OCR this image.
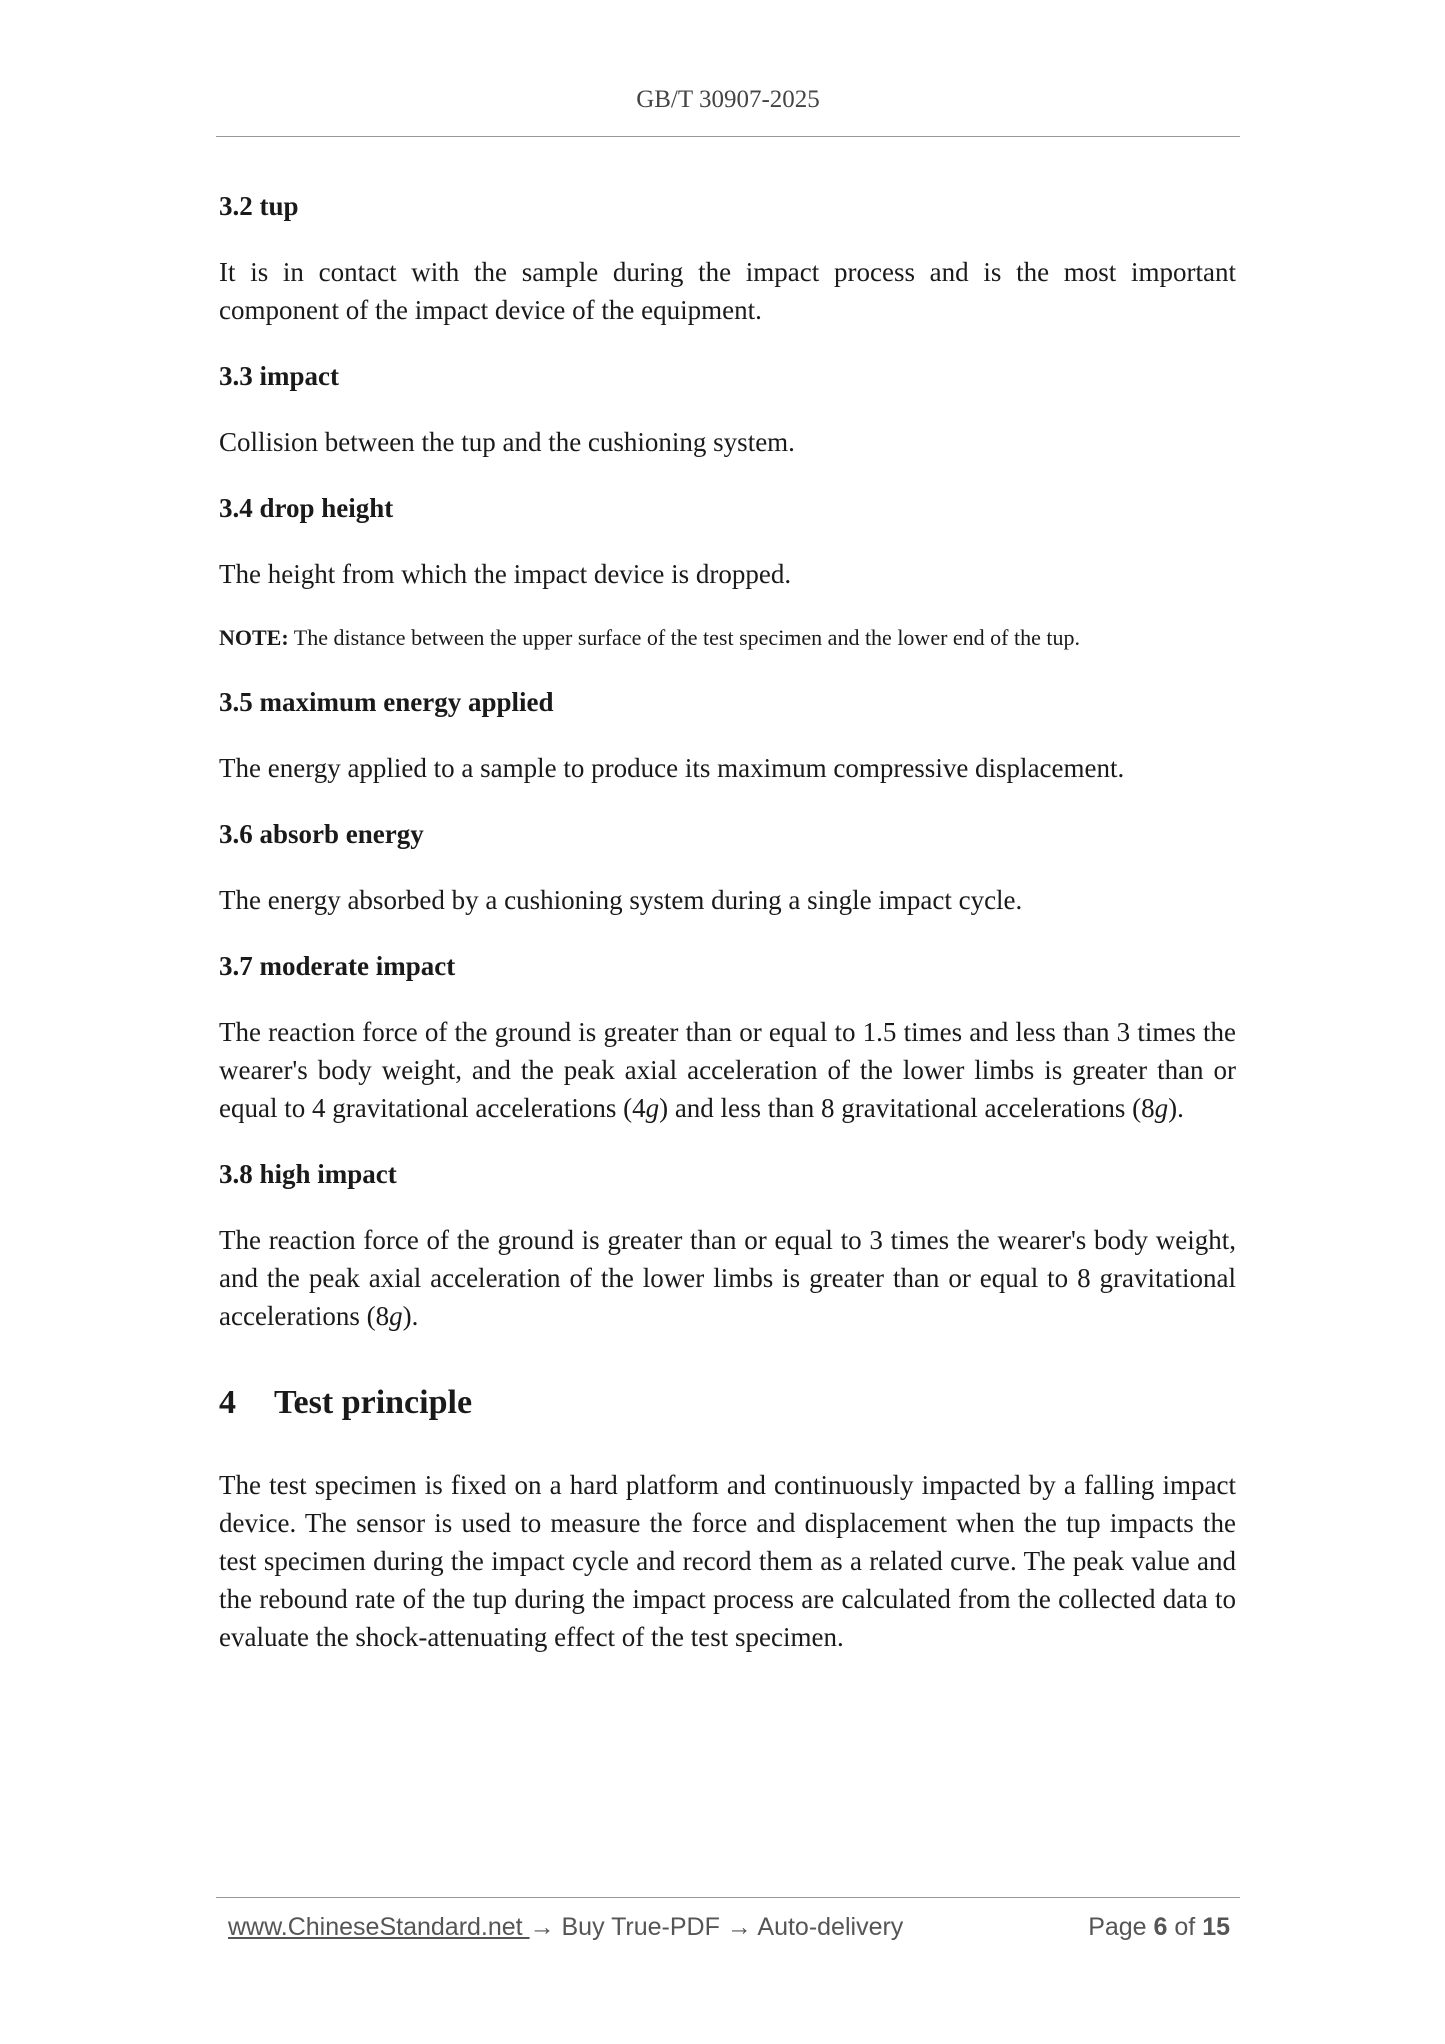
GB/T 30907-2025

3.2 tup

It is in contact with the sample during the impact process and is the most important component of the impact device of the equipment.

3.3 impact

Collision between the tup and the cushioning system.

3.4 drop height

The height from which the impact device is dropped.

NOTE: The distance between the upper surface of the test specimen and the lower end of the tup.

3.5 maximum energy applied

The energy applied to a sample to produce its maximum compressive displacement.

3.6 absorb energy

The energy absorbed by a cushioning system during a single impact cycle.

3.7 moderate impact

The reaction force of the ground is greater than or equal to 1.5 times and less than 3 times the wearer's body weight, and the peak axial acceleration of the lower limbs is greater than or equal to 4 gravitational accelerations (4g) and less than 8 gravitational accelerations (8g).

3.8 high impact

The reaction force of the ground is greater than or equal to 3 times the wearer's body weight, and the peak axial acceleration of the lower limbs is greater than or equal to 8 gravitational accelerations (8g).

4 Test principle

The test specimen is fixed on a hard platform and continuously impacted by a falling impact device. The sensor is used to measure the force and displacement when the tup impacts the test specimen during the impact cycle and record them as a related curve. The peak value and the rebound rate of the tup during the impact process are calculated from the collected data to evaluate the shock-attenuating effect of the test specimen.

www.ChineseStandard.net → Buy True-PDF → Auto-delivery	Page 6 of 15
